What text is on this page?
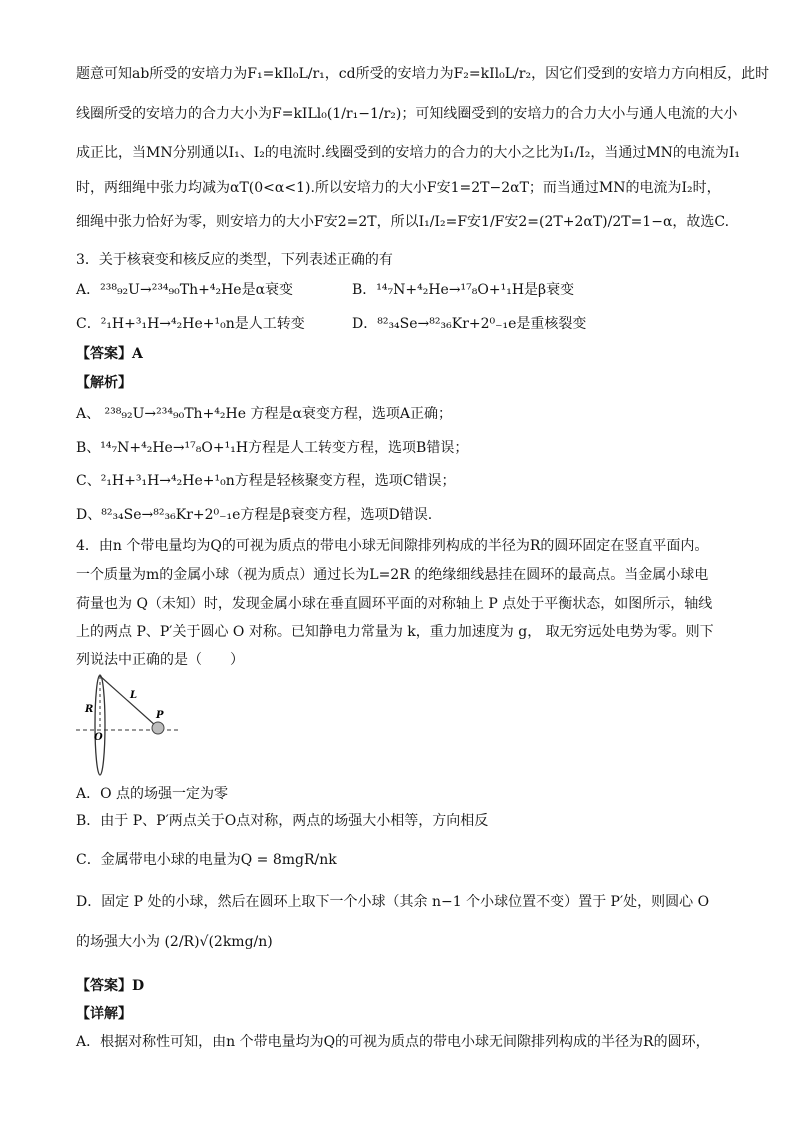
题意可知ab所受的安培力为F₁=kIl₀L/r₁，cd所受的安培力为F₂=kIl₀L/r₂，因它们受到的安培力方向相反，此时
线圈所受的安培力的合力大小为F=kILl₀(1/r₁−1/r₂)；可知线圈受到的安培力的合力大小与通人电流的大小
成正比，当MN分别通以I₁、I₂的电流时.线圈受到的安培力的合力的大小之比为I₁/I₂，当通过MN的电流为I₁
时，两细绳中张力均减为αT(0<α<1).所以安培力的大小F安1=2T−2αT；而当通过MN的电流为I₂时，
细绳中张力恰好为零，则安培力的大小F安2=2T，所以I₁/I₂=F安1/F安2=(2T+2αT)/2T=1−α，故选C.
3．关于核衰变和核反应的类型，下列表述正确的有
A．²³⁸₉₂U→²³⁴₉₀Th+⁴₂He是α衰变	B．¹⁴₇N+⁴₂He→¹⁷₈O+¹₁H是β衰变
C．²₁H+³₁H→⁴₂He+¹₀n是人工转变	D．⁸²₃₄Se→⁸²₃₆Kr+2⁰₋₁e是重核裂变
【答案】A
【解析】
A、 ²³⁸₉₂U→²³⁴₉₀Th+⁴₂He 方程是α衰变方程，选项A正确；
B、¹⁴₇N+⁴₂He→¹⁷₈O+¹₁H方程是人工转变方程，选项B错误；
C、²₁H+³₁H→⁴₂He+¹₀n方程是轻核聚变方程，选项C错误；
D、⁸²₃₄Se→⁸²₃₆Kr+2⁰₋₁e方程是β衰变方程，选项D错误.
4．由n 个带电量均为Q的可视为质点的带电小球无间隙排列构成的半径为R的圆环固定在竖直平面内。
一个质量为m的金属小球（视为质点）通过长为L=2R 的绝缘细线悬挂在圆环的最高点。当金属小球电
荷量也为 Q（未知）时，发现金属小球在垂直圆环平面的对称轴上 P 点处于平衡状态，如图所示，轴线
上的两点 P、P′关于圆心 O 对称。已知静电力常量为 k，重力加速度为 g， 取无穷远处电势为零。则下
列说法中正确的是（　　）
R
O
L
P
A．O 点的场强一定为零
B．由于 P、P′两点关于O点对称，两点的场强大小相等，方向相反
C．金属带电小球的电量为Q = 8mgR/nk
D．固定 P 处的小球，然后在圆环上取下一个小球（其余 n−1 个小球位置不变）置于 P′处，则圆心 O
的场强大小为 (2/R)√(2kmg/n)
【答案】D
【详解】
A．根据对称性可知，由n 个带电量均为Q的可视为质点的带电小球无间隙排列构成的半径为R的圆环，
